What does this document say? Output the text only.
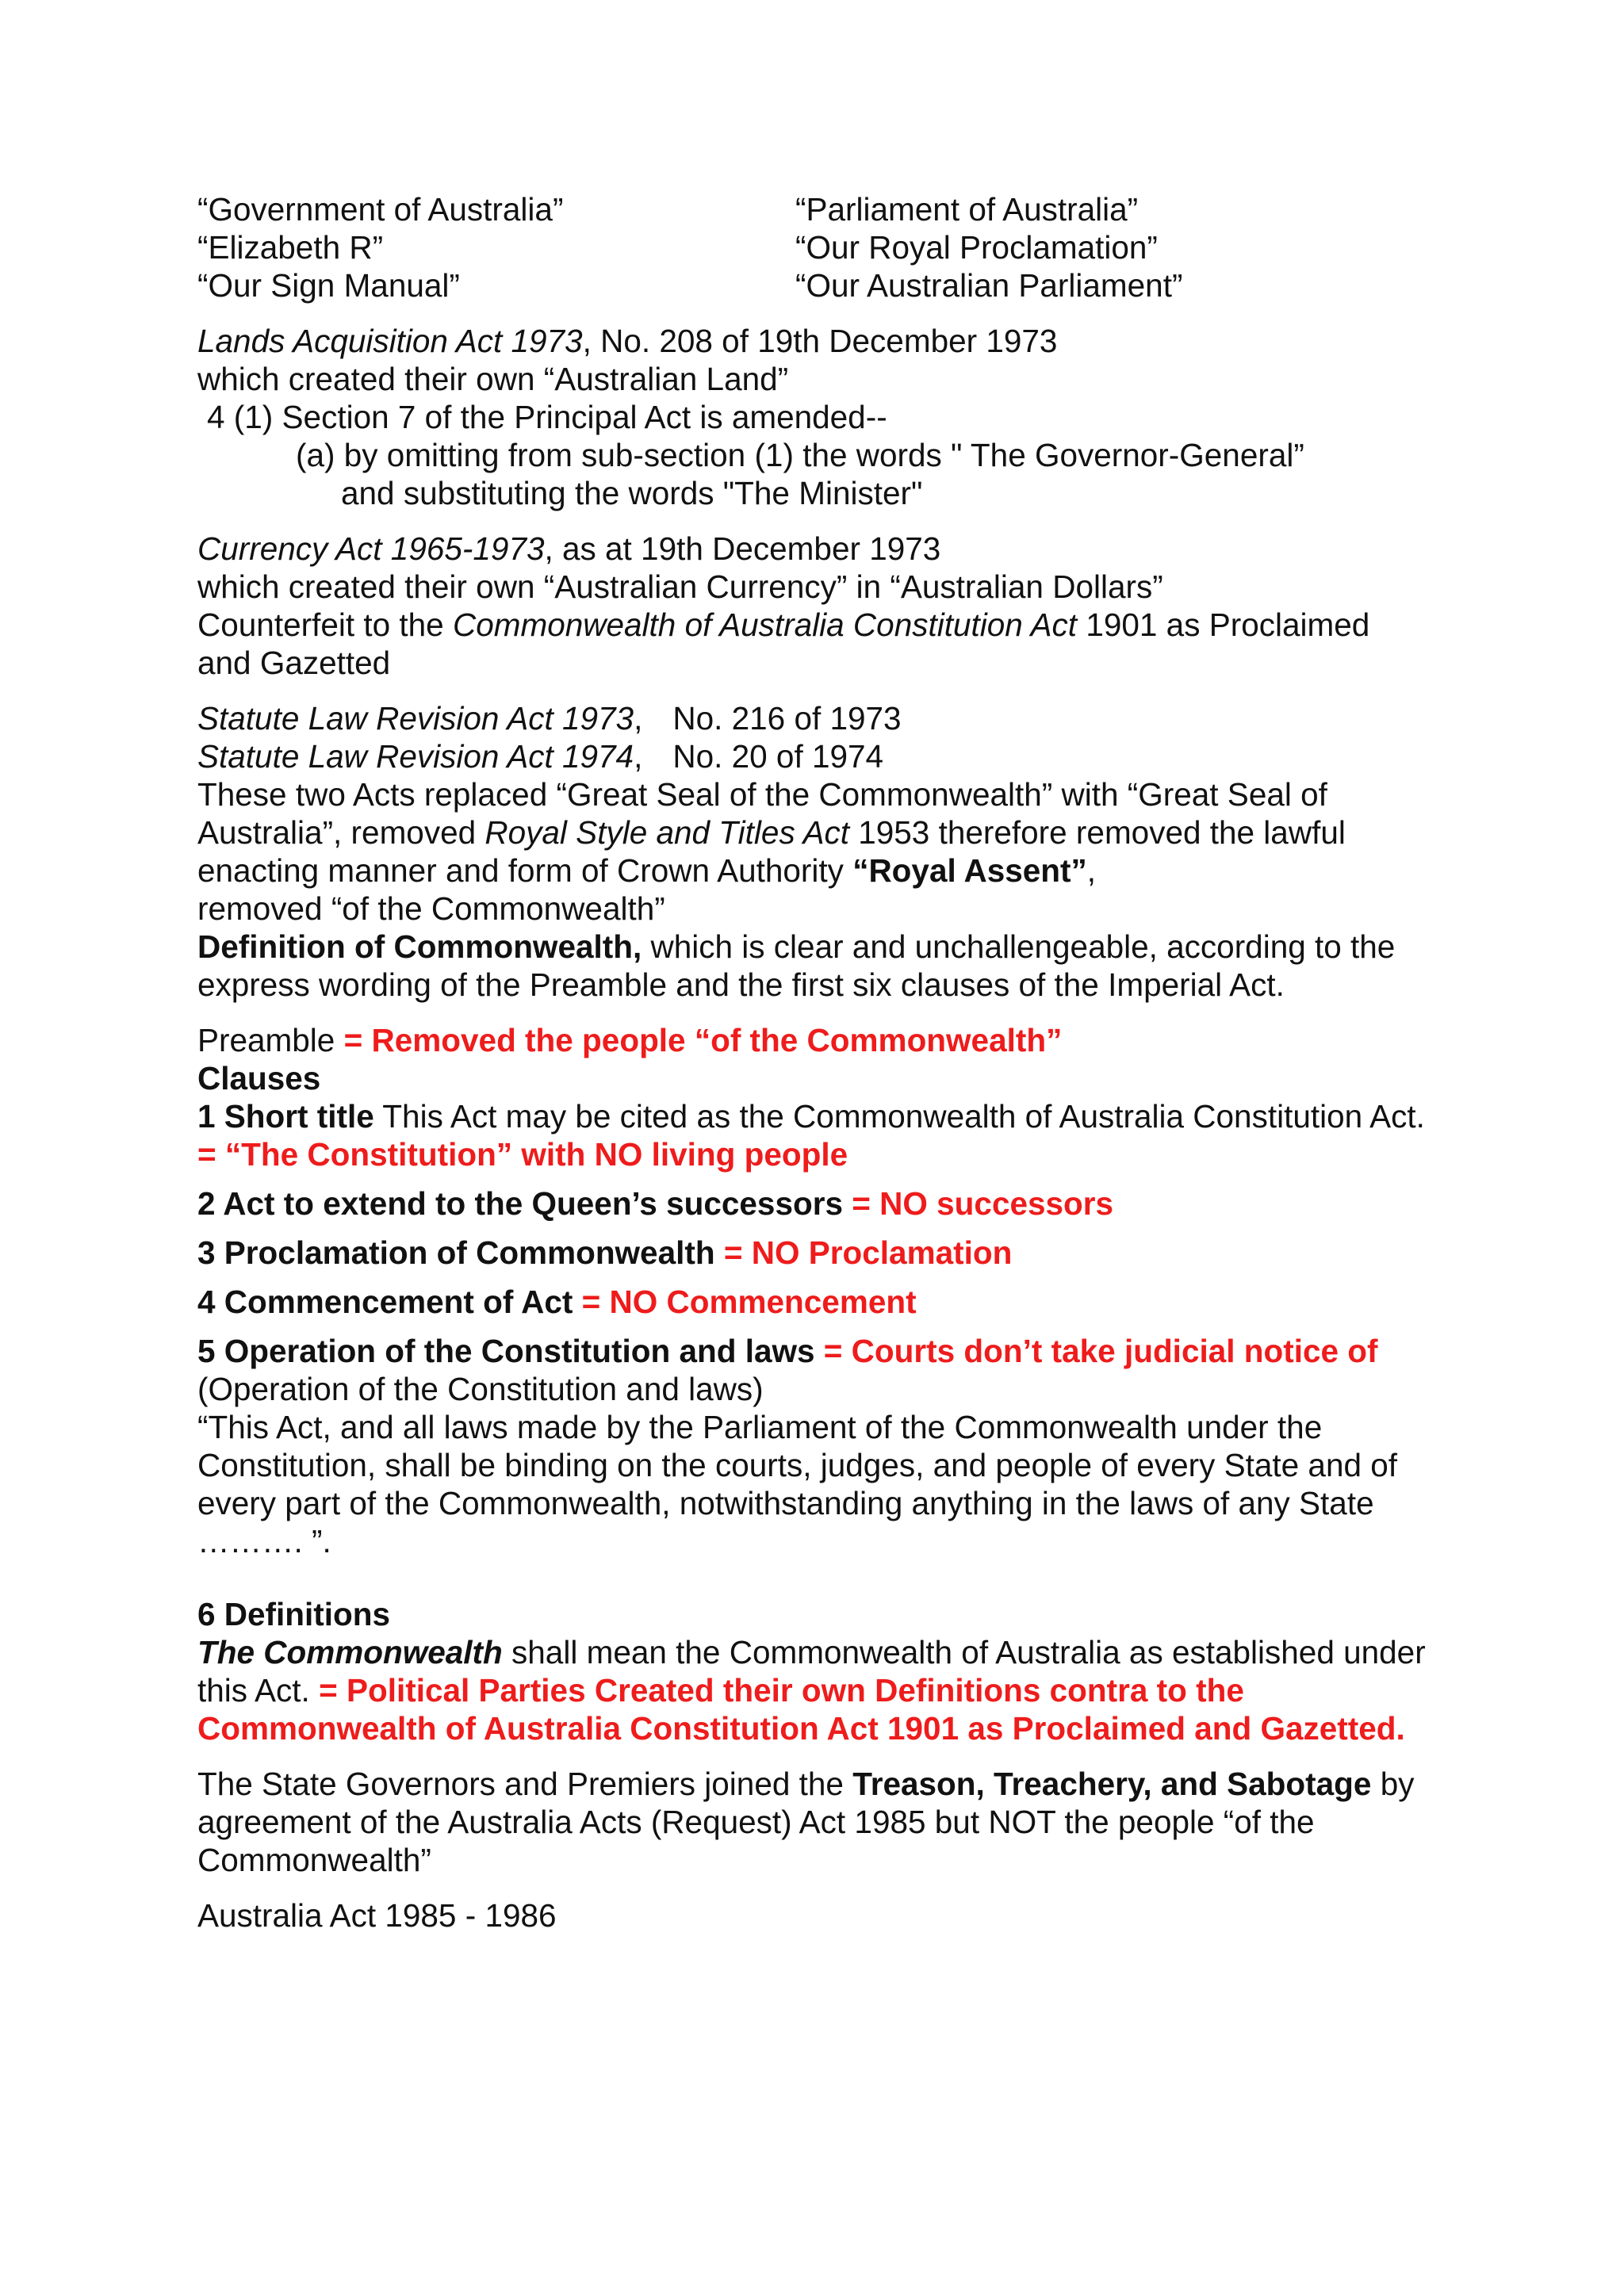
“Government of Australia”	“Parliament of Australia”
“Elizabeth R”	“Our Royal Proclamation”
“Our Sign Manual”	“Our Australian Parliament”

Lands Acquisition Act 1973, No. 208 of 19th December 1973

which created their own “Australian Land”

4 (1) Section 7 of the Principal Act is amended--

(a) by omitting from sub-section (1) the words " The Governor-General”

and substituting the words "The Minister"

Currency Act 1965-1973, as at 19th December 1973

which created their own “Australian Currency” in “Australian Dollars”

Counterfeit to the Commonwealth of Australia Constitution Act 1901 as Proclaimed

and Gazetted

Statute Law Revision Act 1973, No. 216 of 1973

Statute Law Revision Act 1974, No. 20 of 1974

These two Acts replaced “Great Seal of the Commonwealth” with “Great Seal of Australia”, removed Royal Style and Titles Act 1953 therefore removed the lawful enacting manner and form of Crown Authority “Royal Assent”,

removed “of the Commonwealth”

Definition of Commonwealth, which is clear and unchallengeable, according to the express wording of the Preamble and the first six clauses of the Imperial Act.

Preamble = Removed the people “of the Commonwealth”

Clauses

1 Short title This Act may be cited as the Commonwealth of Australia Constitution Act. = “The Constitution” with NO living people

2 Act to extend to the Queen’s successors = NO successors

3 Proclamation of Commonwealth = NO Proclamation

4 Commencement of Act = NO Commencement

5 Operation of the Constitution and laws = Courts don’t take judicial notice of (Operation of the Constitution and laws)

“This Act, and all laws made by the Parliament of the Commonwealth under the Constitution, shall be binding on the courts, judges, and people of every State and of every part of the Commonwealth, notwithstanding anything in the laws of any State ………. ”.

6 Definitions

The Commonwealth shall mean the Commonwealth of Australia as established under this Act. = Political Parties Created their own Definitions contra to the Commonwealth of Australia Constitution Act 1901 as Proclaimed and Gazetted.

The State Governors and Premiers joined the Treason, Treachery, and Sabotage by agreement of the Australia Acts (Request) Act 1985 but NOT the people “of the Commonwealth”

Australia Act 1985 - 1986
